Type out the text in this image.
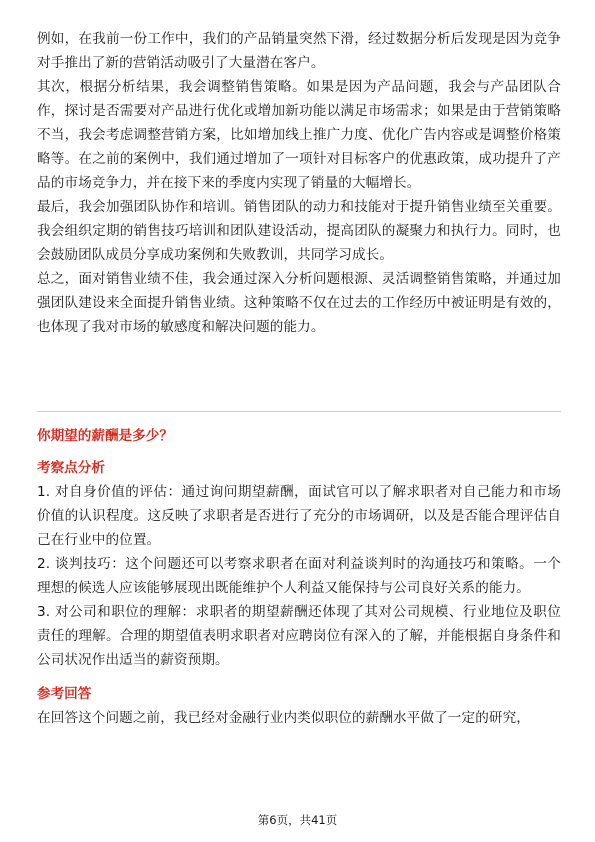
例如，在我前一份工作中，我们的产品销量突然下滑，经过数据分析后发现是因为竞争对手推出了新的营销活动吸引了大量潜在客户。

其次，根据分析结果，我会调整销售策略。如果是因为产品问题，我会与产品团队合作，探讨是否需要对产品进行优化或增加新功能以满足市场需求；如果是由于营销策略不当，我会考虑调整营销方案，比如增加线上推广力度、优化广告内容或是调整价格策略等。在之前的案例中，我们通过增加了一项针对目标客户的优惠政策，成功提升了产品的市场竞争力，并在接下来的季度内实现了销量的大幅增长。

最后，我会加强团队协作和培训。销售团队的动力和技能对于提升销售业绩至关重要。我会组织定期的销售技巧培训和团队建设活动，提高团队的凝聚力和执行力。同时，也会鼓励团队成员分享成功案例和失败教训，共同学习成长。

总之，面对销售业绩不佳，我会通过深入分析问题根源、灵活调整销售策略，并通过加强团队建设来全面提升销售业绩。这种策略不仅在过去的工作经历中被证明是有效的，也体现了我对市场的敏感度和解决问题的能力。

你期望的薪酬是多少？
考察点分析

1. 对自身价值的评估：通过询问期望薪酬，面试官可以了解求职者对自己能力和市场价值的认识程度。这反映了求职者是否进行了充分的市场调研，以及是否能合理评估自己在行业中的位置。

2. 谈判技巧：这个问题还可以考察求职者在面对利益谈判时的沟通技巧和策略。一个理想的候选人应该能够展现出既能维护个人利益又能保持与公司良好关系的能力。

3. 对公司和职位的理解：求职者的期望薪酬还体现了其对公司规模、行业地位及职位责任的理解。合理的期望值表明求职者对应聘岗位有深入的了解，并能根据自身条件和公司状况作出适当的薪资预期。

参考回答

在回答这个问题之前，我已经对金融行业内类似职位的薪酬水平做了一定的研究，

第6页，共41页
